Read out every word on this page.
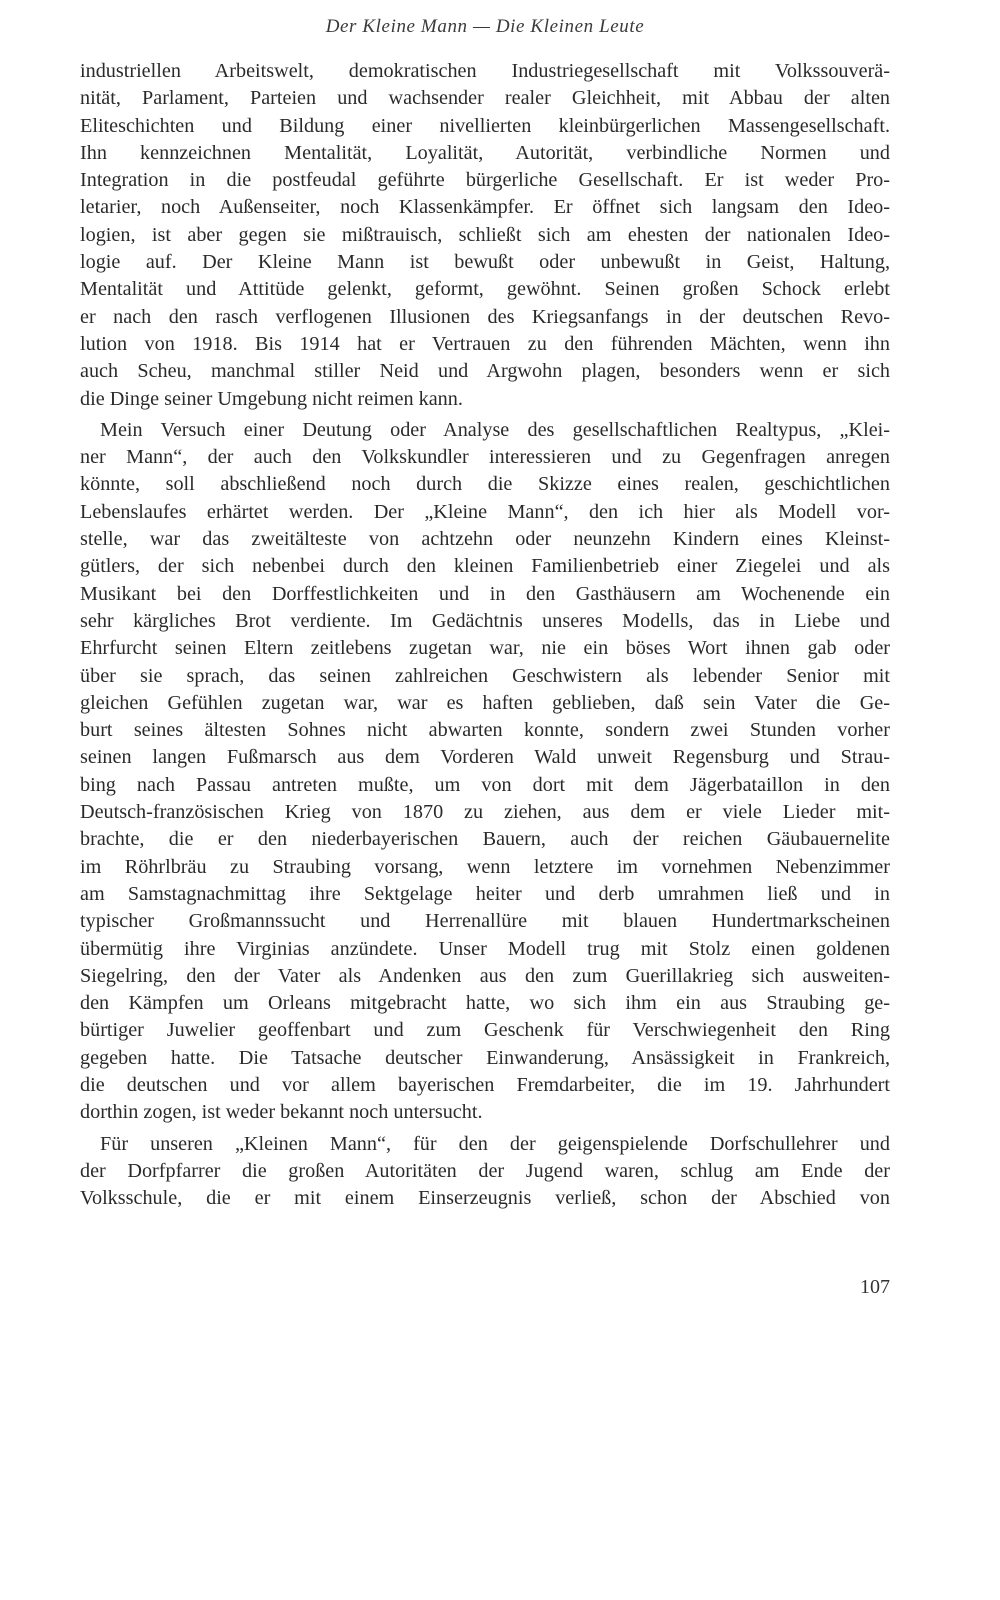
Der Kleine Mann — Die Kleinen Leute

industriellen Arbeitswelt, demokratischen Industriegesellschaft mit Volkssouverä-
nität, Parlament, Parteien und wachsender realer Gleichheit, mit Abbau der alten
Eliteschichten und Bildung einer nivellierten kleinbürgerlichen Massengesellschaft.
Ihn kennzeichnen Mentalität, Loyalität, Autorität, verbindliche Normen und
Integration in die postfeudal geführte bürgerliche Gesellschaft. Er ist weder Pro-
letarier, noch Außenseiter, noch Klassenkämpfer. Er öffnet sich langsam den Ideo-
logien, ist aber gegen sie mißtrauisch, schließt sich am ehesten der nationalen Ideo-
logie auf. Der Kleine Mann ist bewußt oder unbewußt in Geist, Haltung,
Mentalität und Attitüde gelenkt, geformt, gewöhnt. Seinen großen Schock erlebt
er nach den rasch verflogenen Illusionen des Kriegsanfangs in der deutschen Revo-
lution von 1918. Bis 1914 hat er Vertrauen zu den führenden Mächten, wenn ihn
auch Scheu, manchmal stiller Neid und Argwohn plagen, besonders wenn er sich
die Dinge seiner Umgebung nicht reimen kann.

Mein Versuch einer Deutung oder Analyse des gesellschaftlichen Realtypus, „Klei-
ner Mann“, der auch den Volkskundler interessieren und zu Gegenfragen anregen
könnte, soll abschließend noch durch die Skizze eines realen, geschichtlichen
Lebenslaufes erhärtet werden. Der „Kleine Mann“, den ich hier als Modell vor-
stelle, war das zweitälteste von achtzehn oder neunzehn Kindern eines Kleinst-
gütlers, der sich nebenbei durch den kleinen Familienbetrieb einer Ziegelei und als
Musikant bei den Dorffestlichkeiten und in den Gasthäusern am Wochenende ein
sehr kärgliches Brot verdiente. Im Gedächtnis unseres Modells, das in Liebe und
Ehrfurcht seinen Eltern zeitlebens zugetan war, nie ein böses Wort ihnen gab oder
über sie sprach, das seinen zahlreichen Geschwistern als lebender Senior mit
gleichen Gefühlen zugetan war, war es haften geblieben, daß sein Vater die Ge-
burt seines ältesten Sohnes nicht abwarten konnte, sondern zwei Stunden vorher
seinen langen Fußmarsch aus dem Vorderen Wald unweit Regensburg und Strau-
bing nach Passau antreten mußte, um von dort mit dem Jägerbataillon in den
Deutsch-französischen Krieg von 1870 zu ziehen, aus dem er viele Lieder mit-
brachte, die er den niederbayerischen Bauern, auch der reichen Gäubauernelite
im Röhrlbräu zu Straubing vorsang, wenn letztere im vornehmen Nebenzimmer
am Samstagnachmittag ihre Sektgelage heiter und derb umrahmen ließ und in
typischer Großmannssucht und Herrenallüre mit blauen Hundertmarkscheinen
übermütig ihre Virginias anzündete. Unser Modell trug mit Stolz einen goldenen
Siegelring, den der Vater als Andenken aus den zum Guerillakrieg sich ausweiten-
den Kämpfen um Orleans mitgebracht hatte, wo sich ihm ein aus Straubing ge-
bürtiger Juwelier geoffenbart und zum Geschenk für Verschwiegenheit den Ring
gegeben hatte. Die Tatsache deutscher Einwanderung, Ansässigkeit in Frankreich,
die deutschen und vor allem bayerischen Fremdarbeiter, die im 19. Jahrhundert
dorthin zogen, ist weder bekannt noch untersucht.

Für unseren „Kleinen Mann“, für den der geigenspielende Dorfschullehrer und
der Dorfpfarrer die großen Autoritäten der Jugend waren, schlug am Ende der
Volksschule, die er mit einem Einserzeugnis verließ, schon der Abschied von

107
